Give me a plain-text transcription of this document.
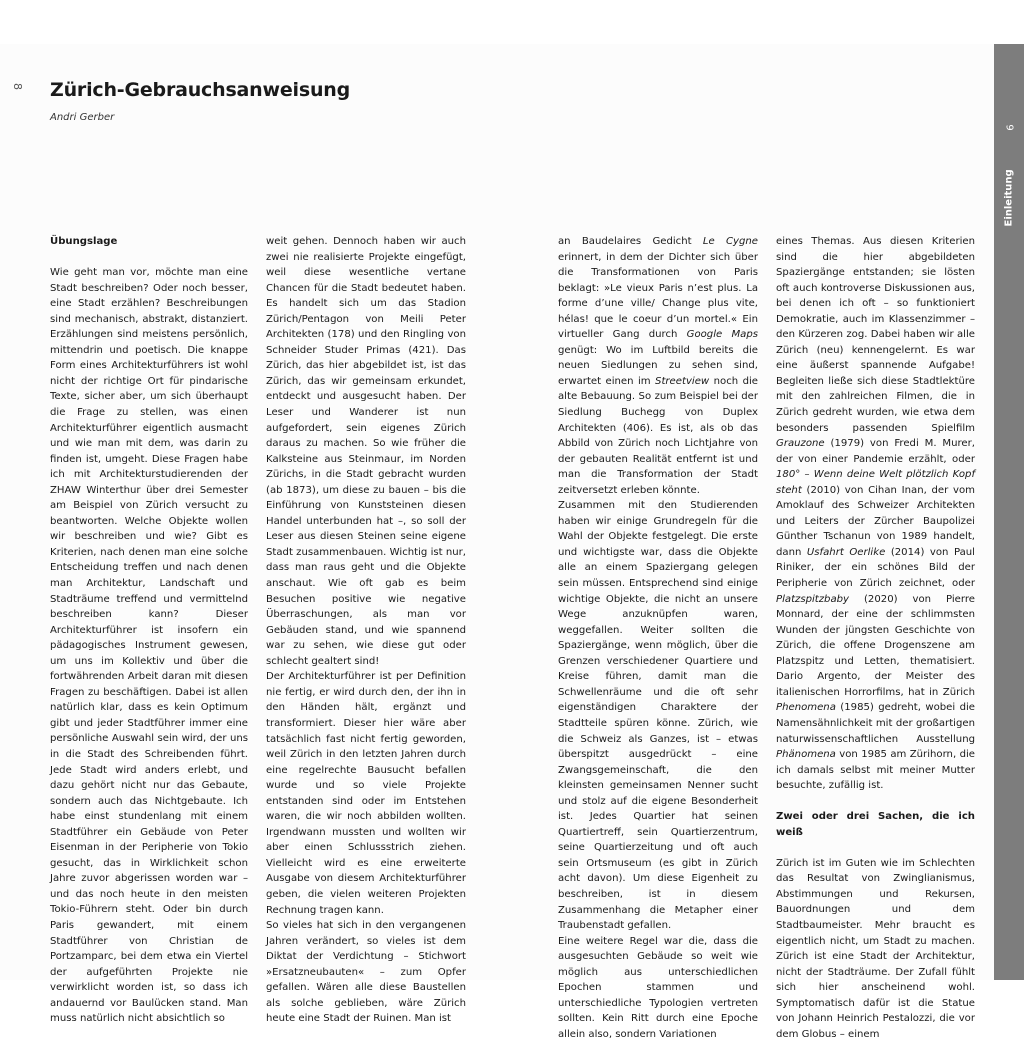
8 Zürich-Gebrauchsanweisung

Andri Gerber

Übungslage

Wie geht man vor, möchte man eine Stadt beschreiben? Oder noch besser, eine Stadt erzählen? Beschreibungen sind mechanisch, abstrakt, distanziert. Erzählungen sind meistens persönlich, mittendrin und poetisch. Die knappe Form eines Architekturführers ist wohl nicht der richtige Ort für pindarische Texte, sicher aber, um sich überhaupt die Frage zu stellen, was einen Architekturführer eigentlich ausmacht und wie man mit dem, was darin zu finden ist, umgeht. Diese Fragen habe ich mit Architekturstudierenden der ZHAW Winterthur über drei Semester am Beispiel von Zürich versucht zu beantworten. Welche Objekte wollen wir beschreiben und wie? Gibt es Kriterien, nach denen man eine solche Entscheidung treffen und nach denen man Architektur, Landschaft und Stadträume treffend und vermittelnd beschreiben kann? Dieser Architekturführer ist insofern ein pädagogisches Instrument gewesen, um uns im Kollektiv und über die fortwährenden Arbeit daran mit diesen Fragen zu beschäftigen. Dabei ist allen natürlich klar, dass es kein Optimum gibt und jeder Stadtführer immer eine persönliche Auswahl sein wird, der uns in die Stadt des Schreibenden führt. Jede Stadt wird anders erlebt, und dazu gehört nicht nur das Gebaute, sondern auch das Nichtgebaute. Ich habe einst stundenlang mit einem Stadtführer ein Gebäude von Peter Eisenman in der Peripherie von Tokio gesucht, das in Wirklichkeit schon Jahre zuvor abgerissen worden war – und das noch heute in den meisten Tokio-Führern steht. Oder bin durch Paris gewandert, mit einem Stadtführer von Christian de Portzamparc, bei dem etwa ein Viertel der aufgeführten Projekte nie verwirklicht worden ist, so dass ich andauernd vor Baulücken stand. Man muss natürlich nicht absichtlich so

weit gehen. Dennoch haben wir auch zwei nie realisierte Projekte eingefügt, weil diese wesentliche vertane Chancen für die Stadt bedeutet haben. Es handelt sich um das Stadion Zürich/Pentagon von Meili Peter Architekten (178) und den Ringling von Schneider Studer Primas (421). Das Zürich, das hier abgebildet ist, ist das Zürich, das wir gemeinsam erkundet, entdeckt und ausgesucht haben. Der Leser und Wanderer ist nun aufgefordert, sein eigenes Zürich daraus zu machen. So wie früher die Kalksteine aus Steinmaur, im Norden Zürichs, in die Stadt gebracht wurden (ab 1873), um diese zu bauen – bis die Einführung von Kunststeinen diesen Handel unterbunden hat –, so soll der Leser aus diesen Steinen seine eigene Stadt zusammenbauen. Wichtig ist nur, dass man raus geht und die Objekte anschaut. Wie oft gab es beim Besuchen positive wie negative Überraschungen, als man vor Gebäuden stand, und wie spannend war zu sehen, wie diese gut oder schlecht gealtert sind!

Der Architekturführer ist per Definition nie fertig, er wird durch den, der ihn in den Händen hält, ergänzt und transformiert. Dieser hier wäre aber tatsächlich fast nicht fertig geworden, weil Zürich in den letzten Jahren durch eine regelrechte Bausucht befallen wurde und so viele Projekte entstanden sind oder im Entstehen waren, die wir noch abbilden wollten. Irgendwann mussten und wollten wir aber einen Schlussstrich ziehen. Vielleicht wird es eine erweiterte Ausgabe von diesem Architekturführer geben, die vielen weiteren Projekten Rechnung tragen kann.

So vieles hat sich in den vergangenen Jahren verändert, so vieles ist dem Diktat der Verdichtung – Stichwort »Ersatzneubauten« – zum Opfer gefallen. Wären alle diese Baustellen als solche geblieben, wäre Zürich heute eine Stadt der Ruinen. Man ist

an Baudelaires Gedicht Le Cygne erinnert, in dem der Dichter sich über die Transformationen von Paris beklagt: »Le vieux Paris n’est plus. La forme d’une ville/ Change plus vite, hélas! que le coeur d’un mortel.« Ein virtueller Gang durch Google Maps genügt: Wo im Luftbild bereits die neuen Siedlungen zu sehen sind, erwartet einen im Streetview noch die alte Bebauung. So zum Beispiel bei der Siedlung Buchegg von Duplex Architekten (406). Es ist, als ob das Abbild von Zürich noch Lichtjahre von der gebauten Realität entfernt ist und man die Transformation der Stadt zeitversetzt erleben könnte.

Zusammen mit den Studierenden haben wir einige Grundregeln für die Wahl der Objekte festgelegt. Die erste und wichtigste war, dass die Objekte alle an einem Spaziergang gelegen sein müssen. Entsprechend sind einige wichtige Objekte, die nicht an unsere Wege anzuknüpfen waren, weggefallen. Weiter sollten die Spaziergänge, wenn möglich, über die Grenzen verschiedener Quartiere und Kreise führen, damit man die Schwellenräume und die oft sehr eigenständigen Charaktere der Stadtteile spüren könne. Zürich, wie die Schweiz als Ganzes, ist – etwas überspitzt ausgedrückt – eine Zwangsgemeinschaft, die den kleinsten gemeinsamen Nenner sucht und stolz auf die eigene Besonderheit ist. Jedes Quartier hat seinen Quartiertreff, sein Quartierzentrum, seine Quartierzeitung und oft auch sein Ortsmuseum (es gibt in Zürich acht davon). Um diese Eigenheit zu beschreiben, ist in diesem Zusammenhang die Metapher einer Traubenstadt gefallen.

Eine weitere Regel war die, dass die ausgesuchten Gebäude so weit wie möglich aus unterschiedlichen Epochen stammen und unterschiedliche Typologien vertreten sollten. Kein Ritt durch eine Epoche allein also, sondern Variationen

eines Themas. Aus diesen Kriterien sind die hier abgebildeten Spaziergänge entstanden; sie lösten oft auch kontroverse Diskussionen aus, bei denen ich oft – so funktioniert Demokratie, auch im Klassenzimmer – den Kürzeren zog. Dabei haben wir alle Zürich (neu) kennengelernt. Es war eine äußerst spannende Aufgabe! Begleiten ließe sich diese Stadtlektüre mit den zahlreichen Filmen, die in Zürich gedreht wurden, wie etwa dem besonders passenden Spielfilm Grauzone (1979) von Fredi M. Murer, der von einer Pandemie erzählt, oder 180° – Wenn deine Welt plötzlich Kopf steht (2010) von Cihan Inan, der vom Amoklauf des Schweizer Architekten und Leiters der Zürcher Baupolizei Günther Tschanun von 1989 handelt, dann Usfahrt Oerlike (2014) von Paul Riniker, der ein schönes Bild der Peripherie von Zürich zeichnet, oder Platzspitzbaby (2020) von Pierre Monnard, der eine der schlimmsten Wunden der jüngsten Geschichte von Zürich, die offene Drogenszene am Platzspitz und Letten, thematisiert. Dario Argento, der Meister des italienischen Horrorfilms, hat in Zürich Phenomena (1985) gedreht, wobei die Namensähnlichkeit mit der großartigen naturwissenschaftlichen Ausstellung Phänomena von 1985 am Zürihorn, die ich damals selbst mit meiner Mutter besuchte, zufällig ist.

Zwei oder drei Sachen, die ich weiß

Zürich ist im Guten wie im Schlechten das Resultat von Zwinglianismus, Abstimmungen und Rekursen, Bauordnungen und dem Stadtbaumeister. Mehr braucht es eigentlich nicht, um Stadt zu machen. Zürich ist eine Stadt der Architektur, nicht der Stadträume. Der Zufall fühlt sich hier anscheinend wohl. Symptomatisch dafür ist die Statue von Johann Heinrich Pestalozzi, die vor dem Globus – einem

9
Einleitung
